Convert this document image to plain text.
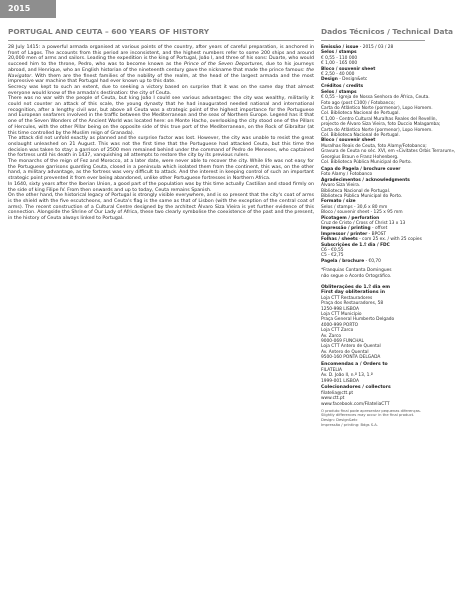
2015
PORTUGAL AND CEUTA – 600 YEARS OF HISTORY	Dados Técnicos / Technical Data

28 July 1415: a powerful armada organised at various points of the country, after years of careful preparation, is anchored in front of Lagos. The accounts from this period are inconsistent, and the highest numbers refer to some 200 ships and around 20,000 men of arms and sailors. Leading the expedition is the king of Portugal, João I, and three of his sons: Duarte, who would succeed him to the throne, Pedro, who was to become known as the Prince of the Seven Departures, due to his journeys abroad, and Henrique, who an English historian of the nineteenth century gave the nickname that made the prince famous: the Navigator. With them are the finest families of the nobility of the realm, at the head of the largest armada and the most impressive war machine that Portugal had ever known up to this date.

Secrecy was kept to such an extent, due to seeking a victory based on surprise that it was on the same day that almost everyone would know of the armada's destination: the city of Ceuta.

There was no war with the people of Ceuta, but king João I could see various advantages: the city was wealthy, militarily it could not counter an attack of this scale, the young dynasty that he had inaugurated needed national and international recognition, after a lengthy civil war, but above all Ceuta was a strategic point of the highest importance for the Portuguese and European seafarers involved in the traffic between the Mediterranean and the seas of Northern Europe. Legend has it that one of the Seven Wonders of the Ancient World was located here: on Monte Hacho, overlooking the city stood one of the Pillars of Hercules, with the other Pillar being on the opposite side of this true port of the Mediterranean, on the Rock of Gibraltar (at this time controlled by the Muslim reign of Granada).

The attack did not unfold exactly as planned and the surprise factor was lost. However, the city was unable to resist the great onslaught unleashed on 21 August. This was not the first time that the Portuguese had attacked Ceuta, but this time the decision was taken to stay: a garrison of 2500 men remained behind under the command of Pedro de Meneses, who captained the fortress until his death in 1437, vanquishing all attempts to restore the city by its previous rulers.

The monarchs of the reign of Fez and Morocco, at a later date, were never able to recover the city. While life was not easy for the Portuguese garrisons guarding Ceuta, closed in a peninsula which isolated them from the continent, this was, on the other hand, a military advantage, as the fortress was very difficult to attack. And the interest in keeping control of such an important strategic point prevented it from ever being abandoned, unlike other Portuguese fortresses in Northern Africa.

In 1640, sixty years after the Iberian Union, a good part of the population was by this time actually Castilian and stood firmly on the side of king Filipe IV. From then onwards and up to today, Ceuta remains Spanish.

On the other hand, the historical legacy of Portugal is strongly visible everywhere, and is so present that the city's coat of arms is the shield with the five escutcheons, and Ceuta's flag is the same as that of Lisbon (with the exception of the central coat of arms). The recent construction of a Cultural Centre designed by the architect Álvaro Siza Vieira is yet further evidence of this connection. Alongside the Shrine of Our Lady of Africa, these two clearly symbolise the coexistence of the past and the present, in the history of Ceuta always linked to Portugal.

Emissão / issue - 2015 / 03 / 28
Selos / stamps
€ 0,55 - 110 000
€ 1,00 - 165 000
Bloco / souvenir sheet
€ 2,50 - 40 000
Design - Design&etc
Créditos / credits
Selos / stamps
€ 0,55 - Igreja de Nossa Senhora de África, Ceuta.
Foto ago (post C100) / Fotobanco;
Carta do Atlântico Norte (pormenor), Lopo Homem.
Col. Biblioteca Nacional de Portugal.
€ 1,00 - Centro Cultural Muralhas Reales del Revellín,
projecto de Álvaro Siza Vieira, foto Duccio Malagamba;
Carta do Atlântico Norte (pormenor), Lopo Homem.
Col. Biblioteca Nacional de Portugal.
Bloco / souvenir sheet
Muralhas Reais de Ceuta, foto Alamy/Fotobanco;
Gravura de Ceuta no séc. XVI, em «Civitates Orbis Terrarum»,
Georgius Braun e Franz Hohenberg.
Col. Biblioteca Pública Municipal do Porto.
Capa do Pagela / brochure cover
Foto Alamy / Fotobanco
Agradecimentos / acknowledgments
Álvaro Siza Vieira.
Biblioteca Nacional de Portugal.
Biblioteca Pública Municipal do Porto.
Formato / size
Selos / stamps - 30,6 x 80 mm
Bloco / souvenir sheet - 125 x 95 mm
Picotagem / perforation
Cruz de Cristo / Cross of Christ 13 x 13
Impressão / printing - offset
Impressor / printer - BPOST
Folhas / sheets - com 25 ex. / with 25 copies
Subscrições de 1.º dia / FDC
C6 - €0,55
C5 - €2,75
Pagela / brochure - €0,70
*Franquias Contanta Domingues
não segue o Acordo Ortográfico.
Obliterações do 1.º dia em
First day obliterations in
Loja CTT Restauradores
Praça dos Restauradores, 58
1250-998 LISBOA
Loja CTT Município
Praça General Humberto Delgado
4000-999 PORTO
Loja CTT Zarco
Av. Zarco
9000-069 FUNCHAL
Loja CTT Antero de Quental
Av. Antero de Quental
9500-160 PONTA DELGADA
Encomendas a / Orders to
FILATELIA
Av. D. João II, n.º 13, 1.º
1999-001 LISBOA
Colecionadores / collectors
filatelia@ctt.pt
www.ctt.pt
www.facebook.com/FilateliaCTT
O produto final pode apresentar pequenas diferenças.
Slightly differences may occur in the final product.
Design: Design&etc
Impressão / printing: Bdgs S.A.
